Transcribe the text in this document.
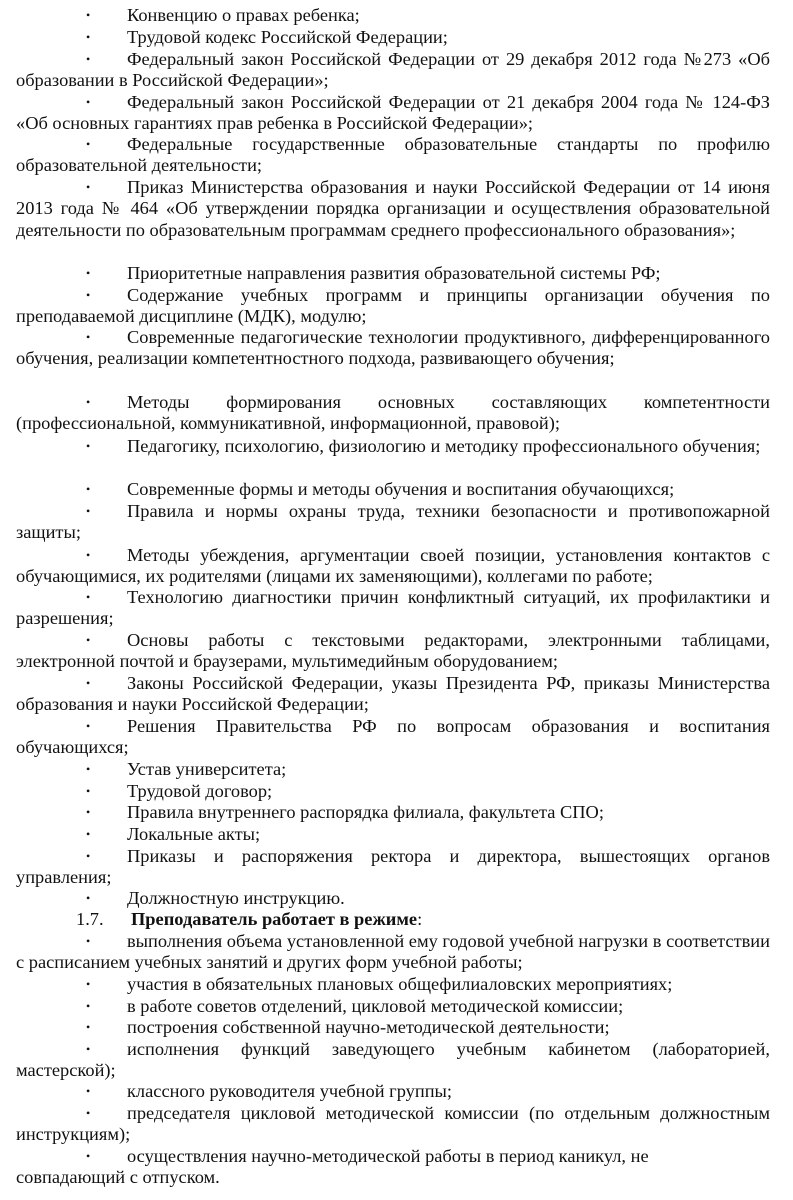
• Конвенцию о правах ребенка;

• Трудовой кодекс Российской Федерации;

• Федеральный закон Российской Федерации от 29 декабря 2012 года №273 «Об образовании в Российской Федерации»;

• Федеральный закон Российской Федерации от 21 декабря 2004 года № 124-ФЗ «Об основных гарантиях прав ребенка в Российской Федерации»;

• Федеральные государственные образовательные стандарты по профилю образовательной деятельности;

• Приказ Министерства образования и науки Российской Федерации от 14 июня 2013 года № 464 «Об утверждении порядка организации и осуществления образовательной деятельности по образовательным программам среднего профессионального образования»;

• Приоритетные направления развития образовательной системы РФ;

• Содержание учебных программ и принципы организации обучения по преподаваемой дисциплине (МДК), модулю;

• Современные педагогические технологии продуктивного, дифференцированного обучения, реализации компетентностного подхода, развивающего обучения;

• Методы формирования основных составляющих компетентности (профессиональной, коммуникативной, информационной, правовой);

• Педагогику, психологию, физиологию и методику профессионального обучения;

• Современные формы и методы обучения и воспитания обучающихся;

• Правила и нормы охраны труда, техники безопасности и противопожарной защиты;

• Методы убеждения, аргументации своей позиции, установления контактов с обучающимися, их родителями (лицами их заменяющими), коллегами по работе;

• Технологию диагностики причин конфликтный ситуаций, их профилактики и разрешения;

• Основы работы с текстовыми редакторами, электронными таблицами, электронной почтой и браузерами, мультимедийным оборудованием;

• Законы Российской Федерации, указы Президента РФ, приказы Министерства образования и науки Российской Федерации;

• Решения Правительства РФ по вопросам образования и воспитания обучающихся;

• Устав университета;

• Трудовой договор;

• Правила внутреннего распорядка филиала, факультета СПО;

• Локальные акты;

• Приказы и распоряжения ректора и директора, вышестоящих органов управления;

• Должностную инструкцию.

1.7. Преподаватель работает в режиме:

• выполнения объема установленной ему годовой учебной нагрузки в соответствии с расписанием учебных занятий и других форм учебной работы;

• участия в обязательных плановых общефилиаловских мероприятиях;

• в работе советов отделений, цикловой методической комиссии;

• построения собственной научно-методической деятельности;

• исполнения функций заведующего учебным кабинетом (лабораторией, мастерской);

• классного руководителя учебной группы;

• председателя цикловой методической комиссии (по отдельным должностным инструкциям);

• осуществления научно-методической работы в период каникул, не совпадающий с отпуском.
